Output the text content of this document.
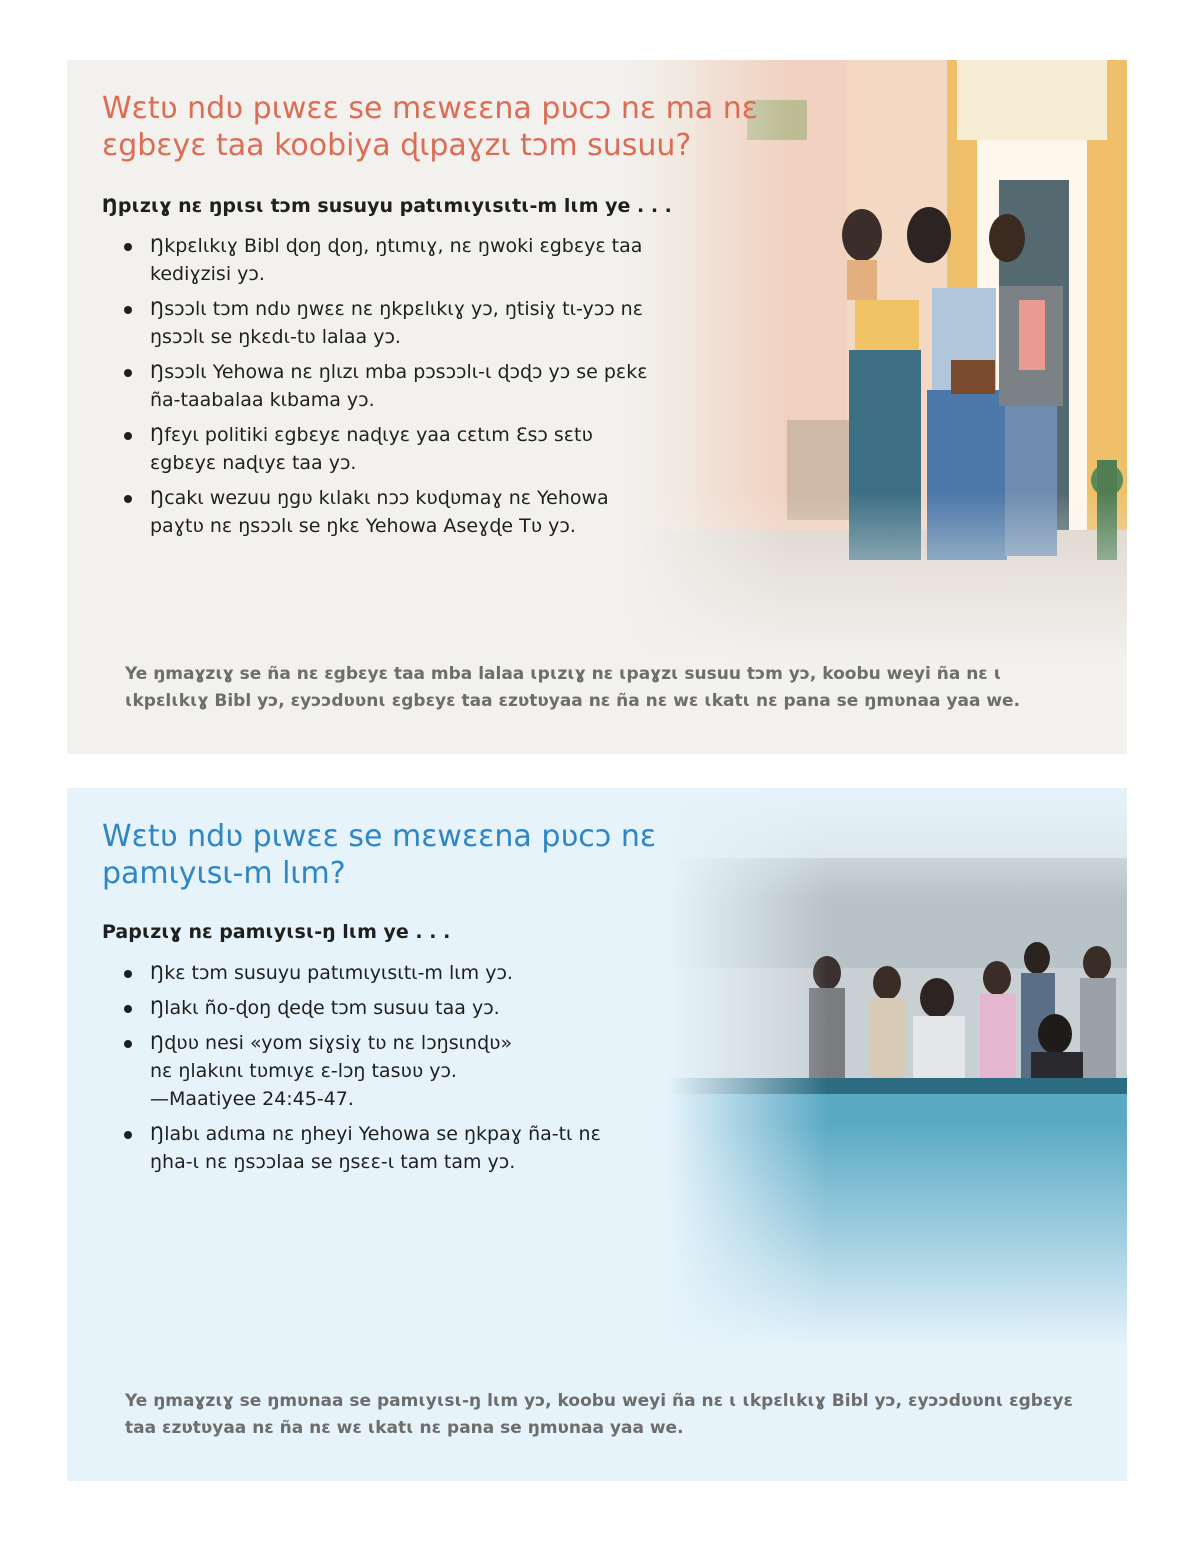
Wɛtʋ ndʋ pɩwɛɛ se mɛwɛɛna pʋcɔ nɛ ma nɛ ɛgbɛyɛ taa koobiya ɖɩpaɣzɩ tɔm susuu?

Ŋpɩzɩɣ nɛ ŋpɩsɩ tɔm susuyu patɩmɩyɩsɩtɩ-m lɩm ye . . .

Ŋkpɛlɩkɩɣ Bibl ɖoŋ ɖoŋ, ŋtɩmɩɣ, nɛ ŋwoki ɛgbɛyɛ taa kediɣzisi yɔ.
Ŋsɔɔlɩ tɔm ndʋ ŋwɛɛ nɛ ŋkpɛlɩkɩɣ yɔ, ŋtisiɣ tɩ-yɔɔ nɛ ŋsɔɔlɩ se ŋkɛdɩ-tʋ lalaa yɔ.
Ŋsɔɔlɩ Yehowa nɛ ŋlɩzɩ mba pɔsɔɔlɩ-ɩ ɖɔɖɔ yɔ se pɛkɛ ña-taabalaa kɩbama yɔ.
Ŋfɛyɩ politiki ɛgbɛyɛ naɖɩyɛ yaa cɛtɩm Ɛsɔ sɛtʋ ɛgbɛyɛ naɖɩyɛ taa yɔ.
Ŋcakɩ wezuu ŋgʋ kɩlakɩ nɔɔ kʋɖʋmaɣ nɛ Yehowa paɣtʋ nɛ ŋsɔɔlɩ se ŋkɛ Yehowa Aseɣɖe Tʋ yɔ.

Ye ŋmaɣzɩɣ se ña nɛ ɛgbɛyɛ taa mba lalaa ɩpɩzɩɣ nɛ ɩpaɣzɩ susuu tɔm yɔ, koobu weyi ña nɛ ɩ ɩkpɛlɩkɩɣ Bibl yɔ, ɛyɔɔdʋʋnɩ ɛgbɛyɛ taa ɛzʋtʋyaa nɛ ña nɛ wɛ ɩkatɩ nɛ pana se ŋmʋnaa yaa we.

Wɛtʋ ndʋ pɩwɛɛ se mɛwɛɛna pʋcɔ nɛ pamɩyɩsɩ-m lɩm?

Papɩzɩɣ nɛ pamɩyɩsɩ-ŋ lɩm ye . . .

Ŋkɛ tɔm susuyu patɩmɩyɩsɩtɩ-m lɩm yɔ.
Ŋlakɩ ño-ɖoŋ ɖeɖe tɔm susuu taa yɔ.
Ŋɖʋʋ nesi «yom siɣsiɣ tʋ nɛ lɔŋsɩnɖʋ»
nɛ ŋlakɩnɩ tʋmɩyɛ ɛ-lɔŋ tasʋʋ yɔ.
—Maatiyee 24:45-47.
Ŋlabɩ adɩma nɛ ŋheyi Yehowa se ŋkpaɣ ña-tɩ nɛ ŋha-ɩ nɛ ŋsɔɔlaa se ŋsɛɛ-ɩ tam tam yɔ.

Ye ŋmaɣzɩɣ se ŋmʋnaa se pamɩyɩsɩ-ŋ lɩm yɔ, koobu weyi ña nɛ ɩ ɩkpɛlɩkɩɣ Bibl yɔ, ɛyɔɔdʋʋnɩ ɛgbɛyɛ taa ɛzʋtʋyaa nɛ ña nɛ wɛ ɩkatɩ nɛ pana se ŋmʋnaa yaa we.
